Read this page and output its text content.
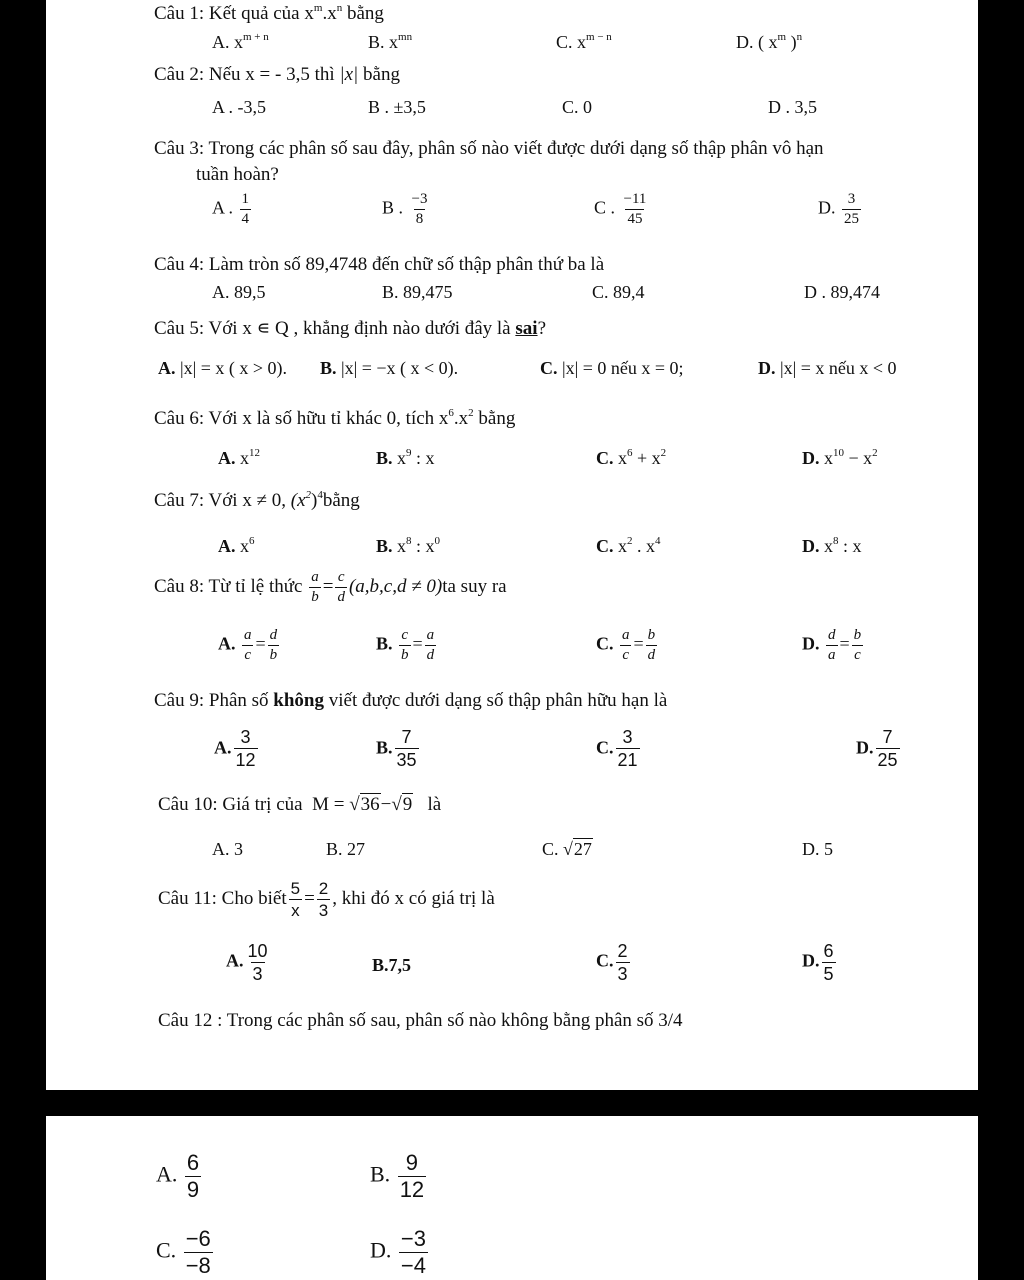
Câu 1: Kết quả của $x^m.x^n$ bằng
A. $x^{m + n}$	B. $x^{mn}$	C. $x^{m - n}$	D. ( $x^m$ )$^n$
Câu 2: Nếu x = - 3,5 thì |x| bằng
A . -3,5	B . ±3,5	C. 0	D . 3,5
Câu 3: Trong các phân số sau đây, phân số nào viết được dưới dạng số thập phân vô hạn
tuần hoàn?
A . $\frac{1}{4}$	B . $\frac{-3}{8}$	C . $\frac{-11}{45}$	D. $\frac{3}{25}$
Câu 4: Làm tròn số 89,4748 đến chữ số thập phân thứ ba là
A. 89,5	B. 89,475	C. 89,4	D . 89,474
Câu 5: Với x ∊ Q , khẳng định nào dưới đây là sai?
A. |x| = x ( x > 0). B. |x| = −x ( x < 0).	C. |x| = 0 nếu x = 0;	D. |x| = x nếu x < 0
Câu 6: Với x là số hữu tỉ khác 0, tích $x^6.x^2$ bằng
A. $x^{12}$	B. $x^9$ : x	C. $x^6 + x^2$	D. $x^{10} - x^2$
Câu 7: Với x ≠ 0, $(x^2)^4bằng$
A. $x^6$	B. $x^8$ : $x^0$	C. $x^2$ . $x^4$	D. $x^8$ : x
Câu 8: Từ tỉ lệ thức $\frac{a}{b} = \frac{c}{d} (a,b,c,d \ne 0)ta$ suy ra
A. $\frac{a}{c} = \frac{d}{b}$	B. $\frac{c}{b} = \frac{a}{d}$	C. $\frac{a}{c} = \frac{b}{d}$	D. $\frac{d}{a} = \frac{b}{c}$
Câu 9: Phân số không viết được dưới dạng số thập phân hữu hạn là
A. $\frac{3}{12}$	B. $\frac{7}{35}$	C. $\frac{3}{21}$	D. $\frac{7}{25}$
Câu 10: Giá trị của M = √36−√9 là
A. 3	B. 27	C. √27	D. 5
Câu 11: Cho biết $\frac{5}{x} = \frac{2}{3}$ , khi đó x có giá trị là
A. $\frac{10}{3}$	B.7,5	C. $\frac{2}{3}$	D. $\frac{6}{5}$
Câu 12 : Trong các phân số sau, phân số nào không bằng phân số 3/4
A. $\frac{6}{9}$	B. $\frac{9}{12}$
C. $\frac{-6}{-8}$	D. $\frac{-3}{-4}$
